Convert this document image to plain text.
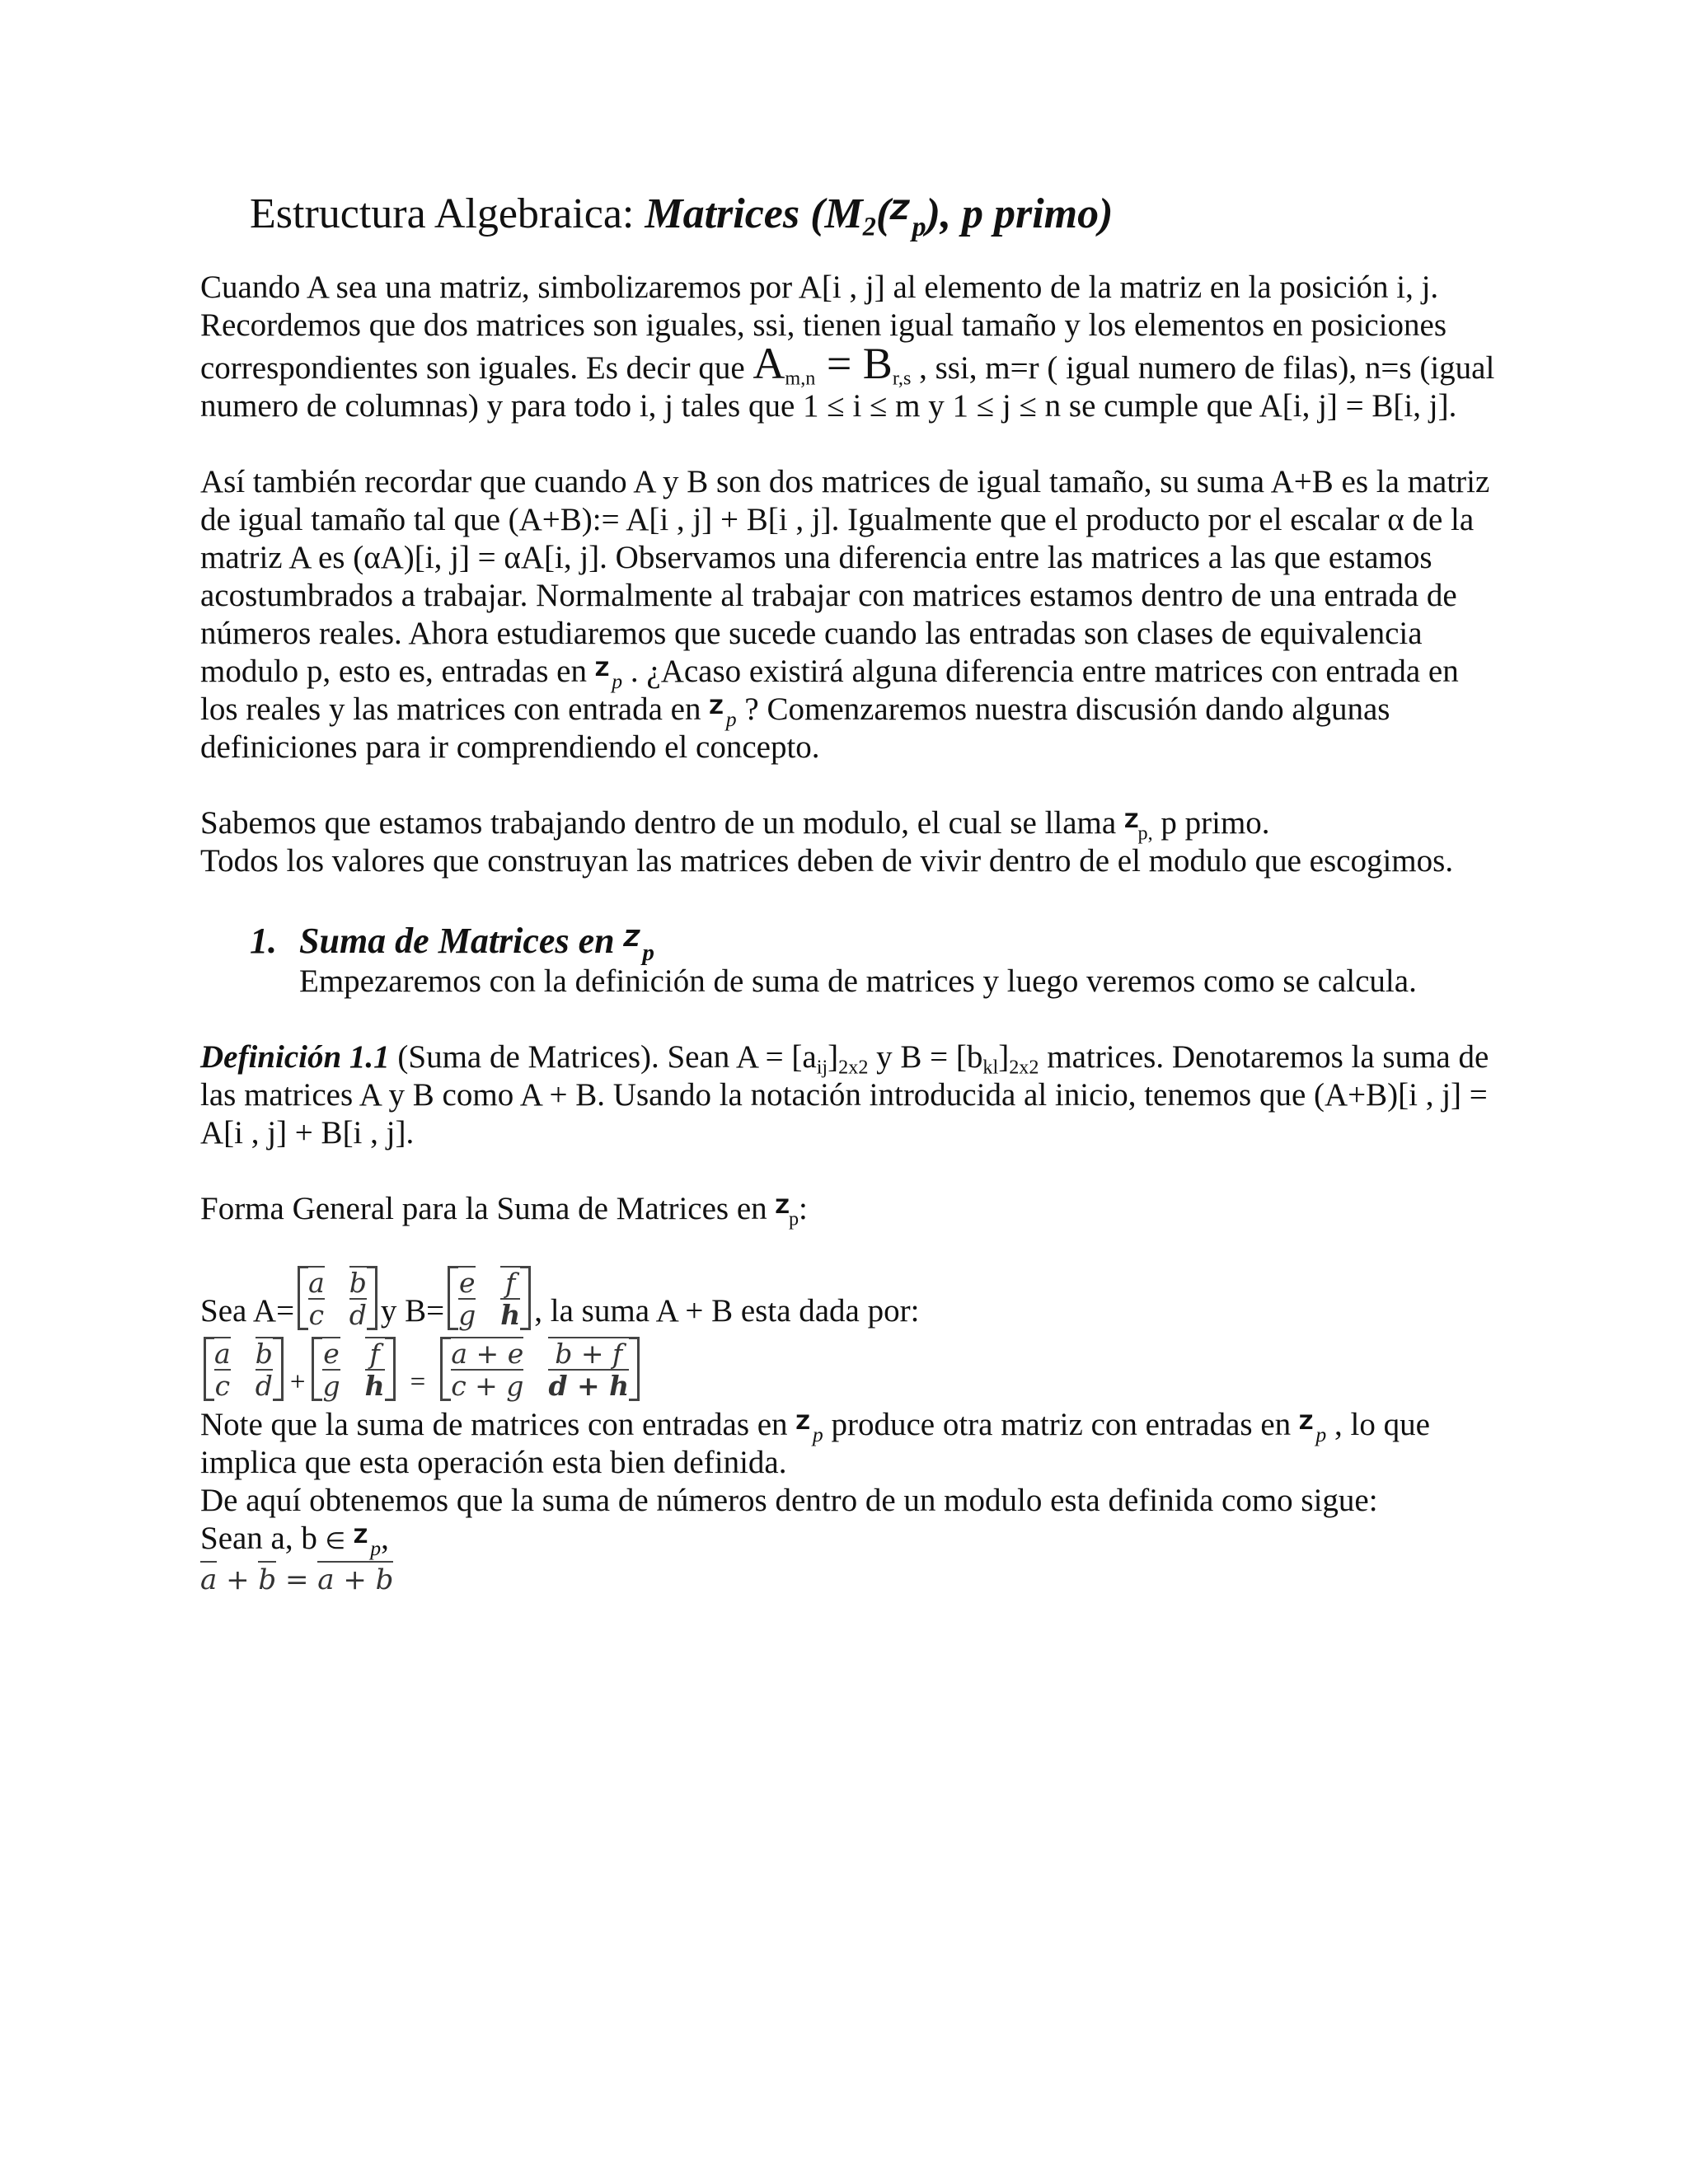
Estructura Algebraica: Matrices ($M_2(Zp)$, p primo)

Cuando A sea una matriz, simbolizaremos por A[i , j] al elemento de la matriz en la posición i, j. Recordemos que dos matrices son iguales, ssi, tienen igual tamaño y los elementos en posiciones correspondientes son iguales. Es decir que $A_{m,n} = B_{r,s}$ , ssi, m=r ( igual numero de filas), n=s (igual numero de columnas) y para todo i, j tales que 1 ≤ i ≤ m y 1 ≤ j ≤ n se cumple que A[i, j] = B[i, j].

Así también recordar que cuando A y B son dos matrices de igual tamaño, su suma A+B es la matriz de igual tamaño tal que (A+B):= A[i , j] + B[i , j]. Igualmente que el producto por el escalar α de la matriz A es (αA)[i, j] = αA[i, j]. Observamos una diferencia entre las matrices a las que estamos acostumbrados a trabajar. Normalmente al trabajar con matrices estamos dentro de una entrada de números reales. Ahora estudiaremos que sucede cuando las entradas son clases de equivalencia modulo p, esto es, entradas en Z p . ¿Acaso existirá alguna diferencia entre matrices con entrada en los reales y las matrices con entrada en Z p ? Comenzaremos nuestra discusión dando algunas definiciones para ir comprendiendo el concepto.

Sabemos que estamos trabajando dentro de un modulo, el cual se llama $Z_{p,}$ p primo.

Todos los valores que construyan las matrices deben de vivir dentro de el modulo que escogimos.

1. Suma de Matrices en Zp

Empezaremos con la definición de suma de matrices y luego veremos como se calcula.

Definición 1.1 (Suma de Matrices). Sean $A = [a_{ij}]_{2x2}$ y $B = [b_{kl}]_{2x2}$ matrices. Denotaremos la suma de las matrices A y B como A + B. Usando la notación introducida al inicio, tenemos que (A+B)[i , j] = A[i , j] + B[i , j].

Forma General para la Suma de Matrices en $Z_p$:

Sea A=
a b
c d y B=
e f
g h , la suma A + B esta dada por:
a b
c d +
e f
g h =
a + e b + f
c + g d + h

Note que la suma de matrices con entradas en Z p produce otra matriz con entradas en Z p , lo que implica que esta operación esta bien definida.

De aquí obtenemos que la suma de números dentro de un modulo esta definida como sigue:

Sean a, b ∈ Z p,

a + b = a + b
